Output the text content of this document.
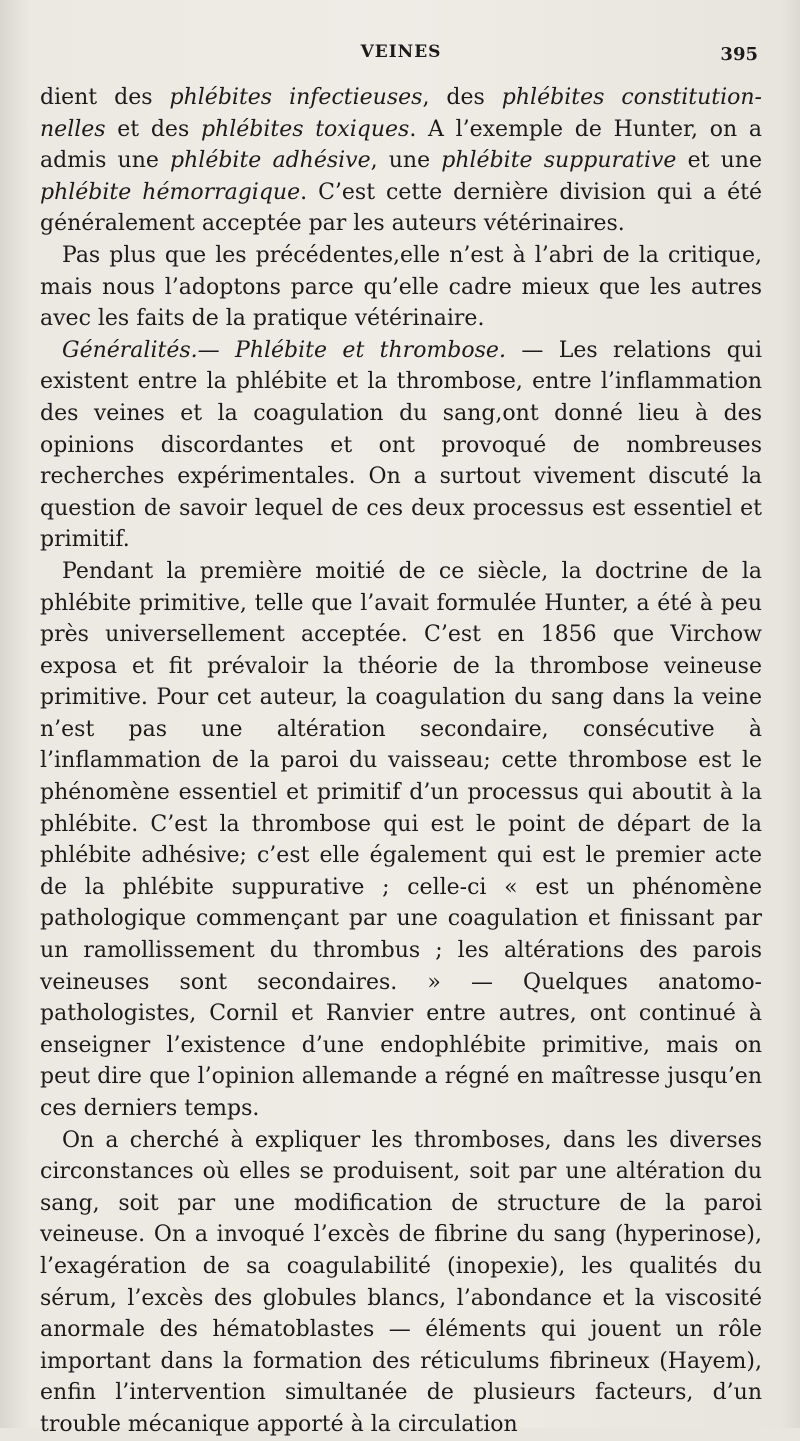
VEINES	395

dient des phlébites infectieuses, des phlébites constitution-nelles et des phlébites toxiques. A l’exemple de Hunter, on a admis une phlébite adhésive, une phlébite suppurative et une phlébite hémorragique. C’est cette dernière division qui a été généralement acceptée par les auteurs vétérinaires.

Pas plus que les précédentes,elle n’est à l’abri de la critique, mais nous l’adoptons parce qu’elle cadre mieux que les autres avec les faits de la pratique vétérinaire.

Généralités.— Phlébite et thrombose. — Les relations qui existent entre la phlébite et la thrombose, entre l’inflammation des veines et la coagulation du sang,ont donné lieu à des opinions discordantes et ont provoqué de nombreuses recherches expérimentales. On a surtout vivement discuté la question de savoir lequel de ces deux processus est essentiel et primitif.

Pendant la première moitié de ce siècle, la doctrine de la phlébite primitive, telle que l’avait formulée Hunter, a été à peu près universellement acceptée. C’est en 1856 que Virchow exposa et fit prévaloir la théorie de la thrombose veineuse primitive. Pour cet auteur, la coagulation du sang dans la veine n’est pas une altération secondaire, consécutive à l’inflammation de la paroi du vaisseau; cette thrombose est le phénomène essentiel et primitif d’un processus qui aboutit à la phlébite. C’est la thrombose qui est le point de départ de la phlébite adhésive; c’est elle également qui est le premier acte de la phlébite suppurative ; celle-ci « est un phénomène pathologique commençant par une coagulation et finissant par un ramollissement du thrombus ; les altérations des parois veineuses sont secondaires. » — Quelques anatomo-pathologistes, Cornil et Ranvier entre autres, ont continué à enseigner l’existence d’une endophlébite primitive, mais on peut dire que l’opinion allemande a régné en maîtresse jusqu’en ces derniers temps.

On a cherché à expliquer les thromboses, dans les diverses circonstances où elles se produisent, soit par une altération du sang, soit par une modification de structure de la paroi veineuse. On a invoqué l’excès de fibrine du sang (hyperinose), l’exagération de sa coagulabilité (inopexie), les qualités du sérum, l’excès des globules blancs, l’abondance et la viscosité anormale des hématoblastes — éléments qui jouent un rôle important dans la formation des réticulums fibrineux (Hayem), enfin l’intervention simultanée de plusieurs facteurs, d’un trouble mécanique apporté à la circulation
